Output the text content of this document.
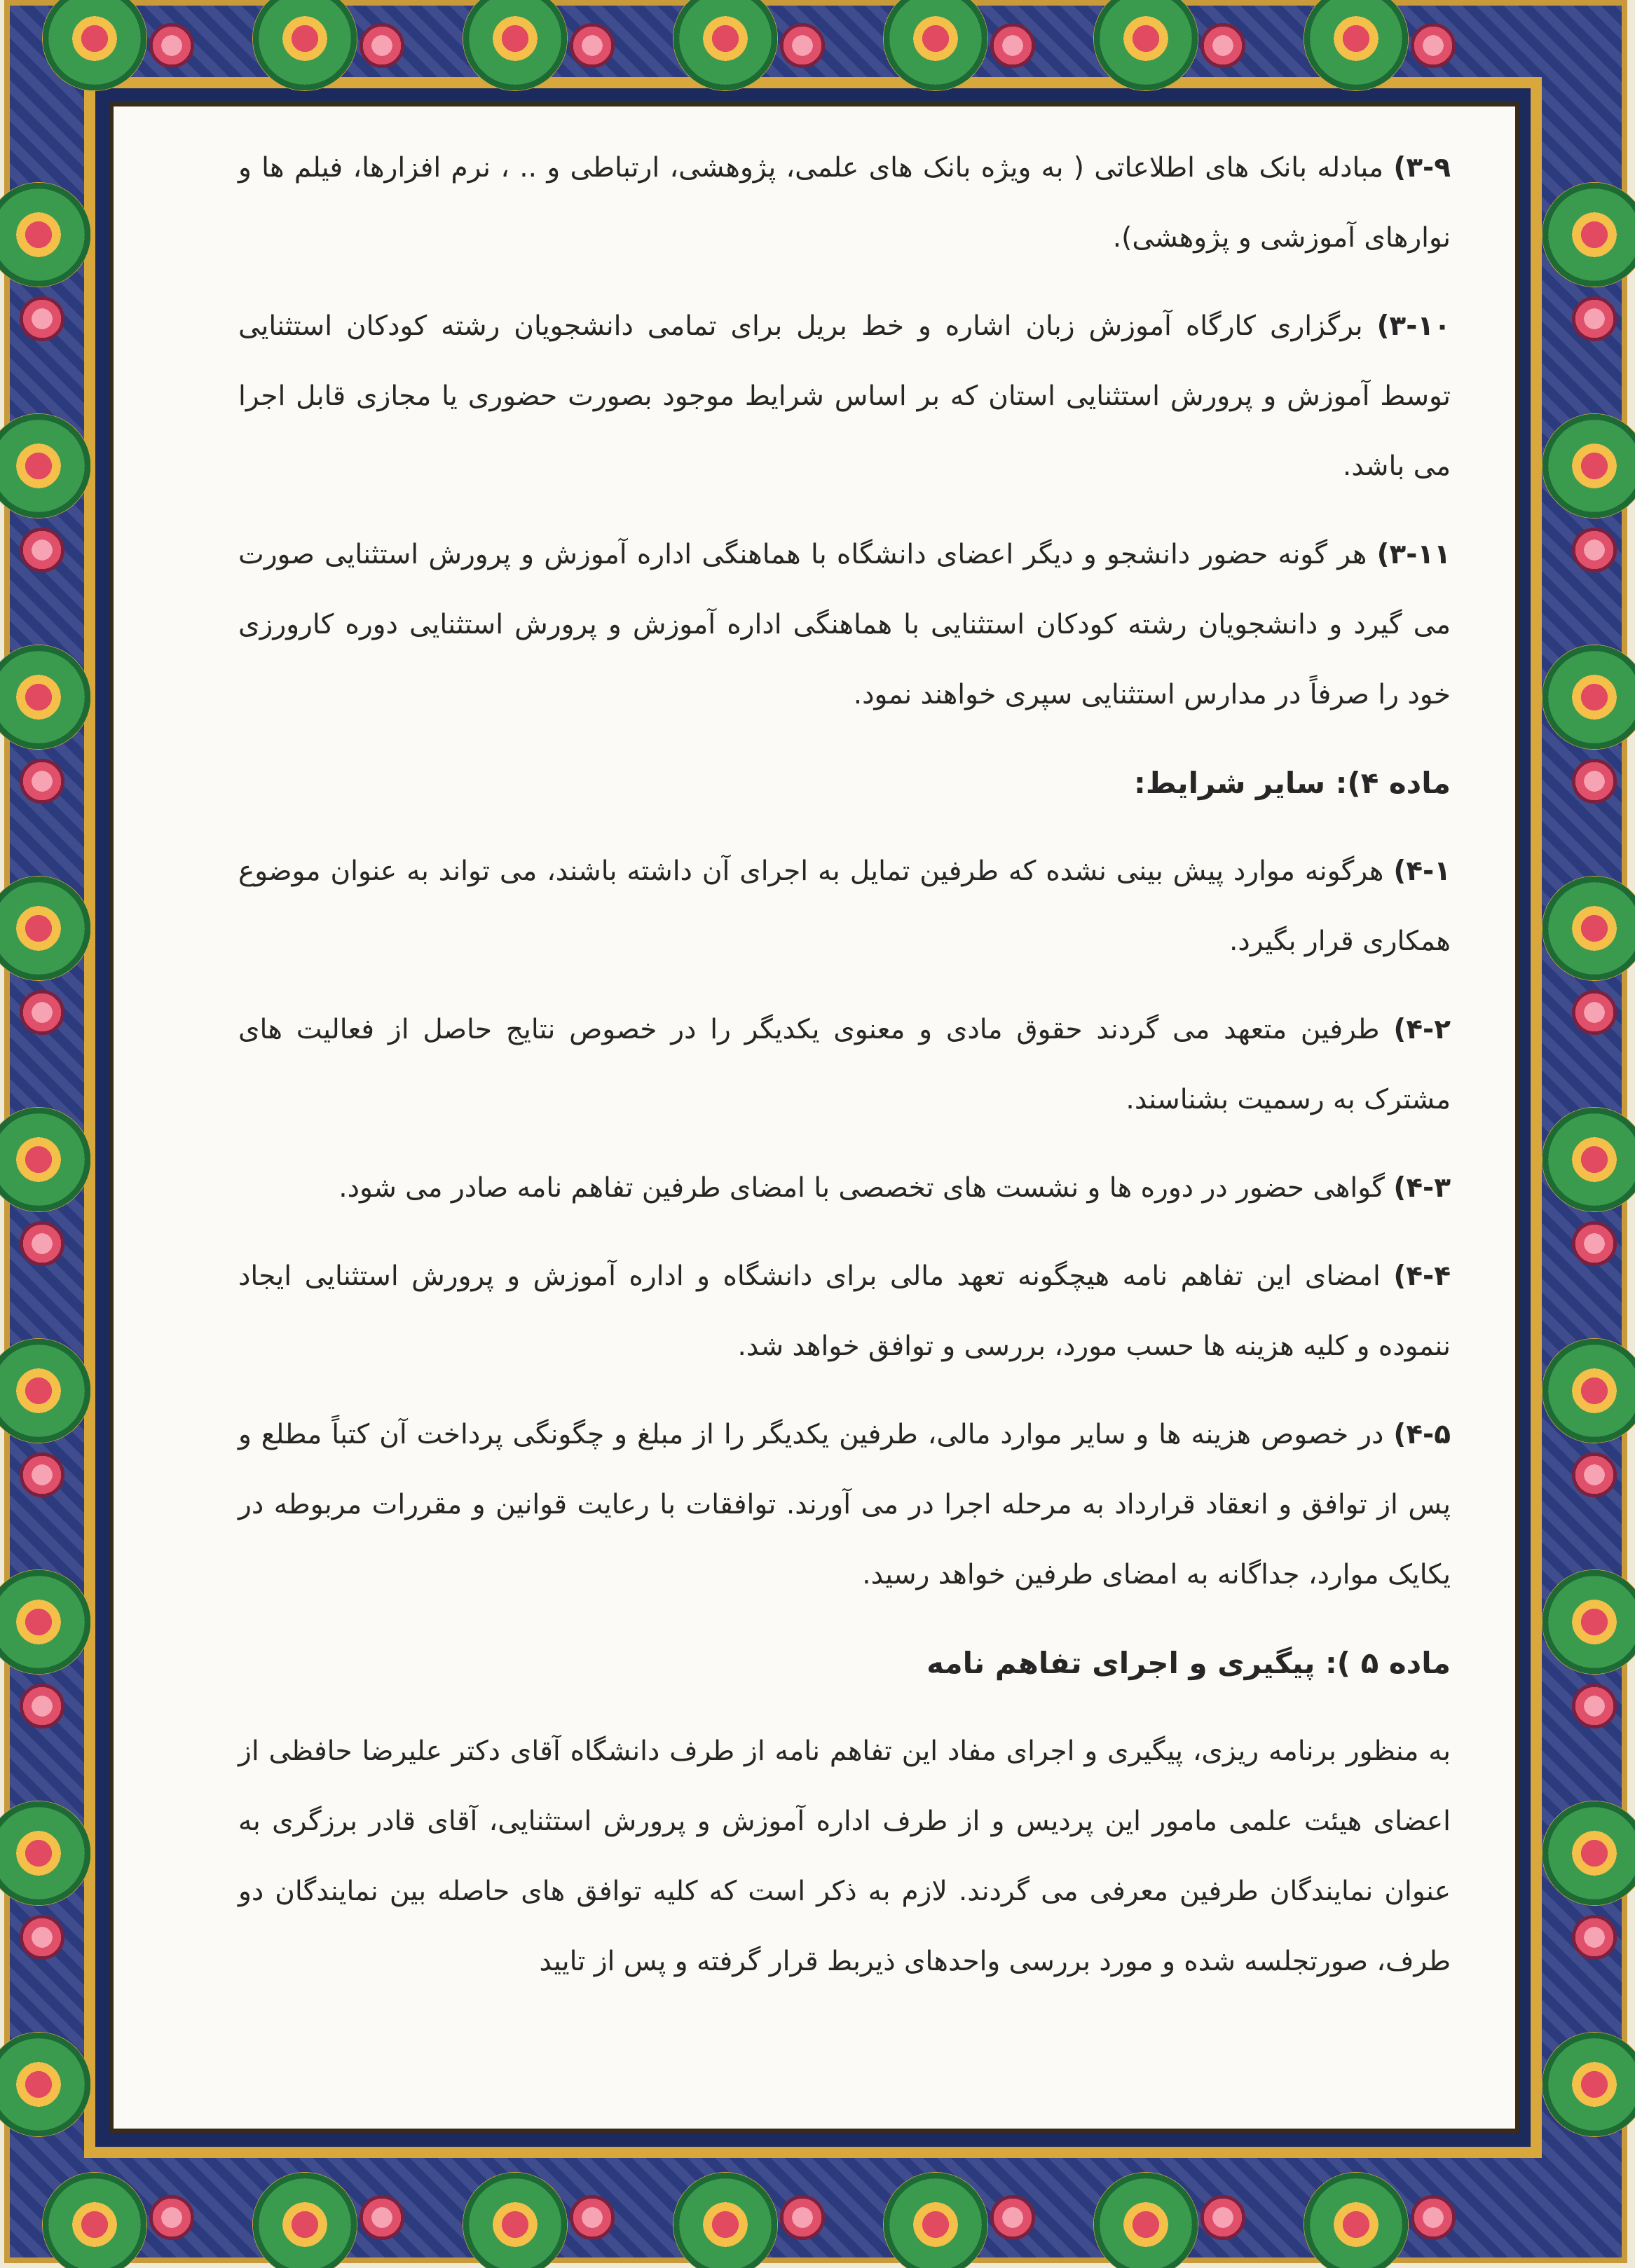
۳-۹) مبادله بانک های اطلاعاتی ( به ویژه بانک های علمی، پژوهشی، ارتباطی و .. ، نرم افزارها، فیلم ها و نوارهای آموزشی و پژوهشی).

۳-۱۰) برگزاری کارگاه آموزش زبان اشاره و خط بریل برای تمامی دانشجویان رشته کودکان استثنایی توسط آموزش و پرورش استثنایی استان که بر اساس شرایط موجود بصورت حضوری یا مجازی قابل اجرا می باشد.

۳-۱۱) هر گونه حضور دانشجو و دیگر اعضای دانشگاه با هماهنگی اداره آموزش و پرورش استثنایی صورت می گیرد و دانشجویان رشته کودکان استثنایی با هماهنگی اداره آموزش و پرورش استثنایی دوره کارورزی خود را صرفاً در مدارس استثنایی سپری خواهند نمود.

ماده ۴): سایر شرایط:

۴-۱) هرگونه موارد پیش بینی نشده که طرفین تمایل به اجرای آن داشته باشند، می تواند به عنوان موضوع همکاری قرار بگیرد.

۴-۲) طرفین متعهد می گردند حقوق مادی و معنوی یکدیگر را در خصوص نتایج حاصل از فعالیت های مشترک به رسمیت بشناسند.

۴-۳) گواهی حضور در دوره ها و نشست های تخصصی با امضای طرفین تفاهم نامه صادر می شود.

۴-۴) امضای این تفاهم نامه هیچگونه تعهد مالی برای دانشگاه و اداره آموزش و پرورش استثنایی ایجاد ننموده و کلیه هزینه ها حسب مورد، بررسی و توافق خواهد شد.

۴-۵) در خصوص هزینه ها و سایر موارد مالی، طرفین یکدیگر را از مبلغ و چگونگی پرداخت آن کتباً مطلع و پس از توافق و انعقاد قرارداد به مرحله اجرا در می آورند. توافقات با رعایت قوانین و مقررات مربوطه در یکایک موارد، جداگانه به امضای طرفین خواهد رسید.

ماده ۵ ): پیگیری و اجرای تفاهم نامه

به منظور برنامه ریزی، پیگیری و اجرای مفاد این تفاهم نامه از طرف دانشگاه آقای دکتر علیرضا حافظی از اعضای هیئت علمی مامور این پردیس و از طرف اداره آموزش و پرورش استثنایی، آقای قادر برزگری به عنوان نمایندگان طرفین معرفی می گردند. لازم به ذکر است که کلیه توافق های حاصله بین نمایندگان دو طرف، صورتجلسه شده و مورد بررسی واحدهای ذیربط قرار گرفته و پس از تایید
